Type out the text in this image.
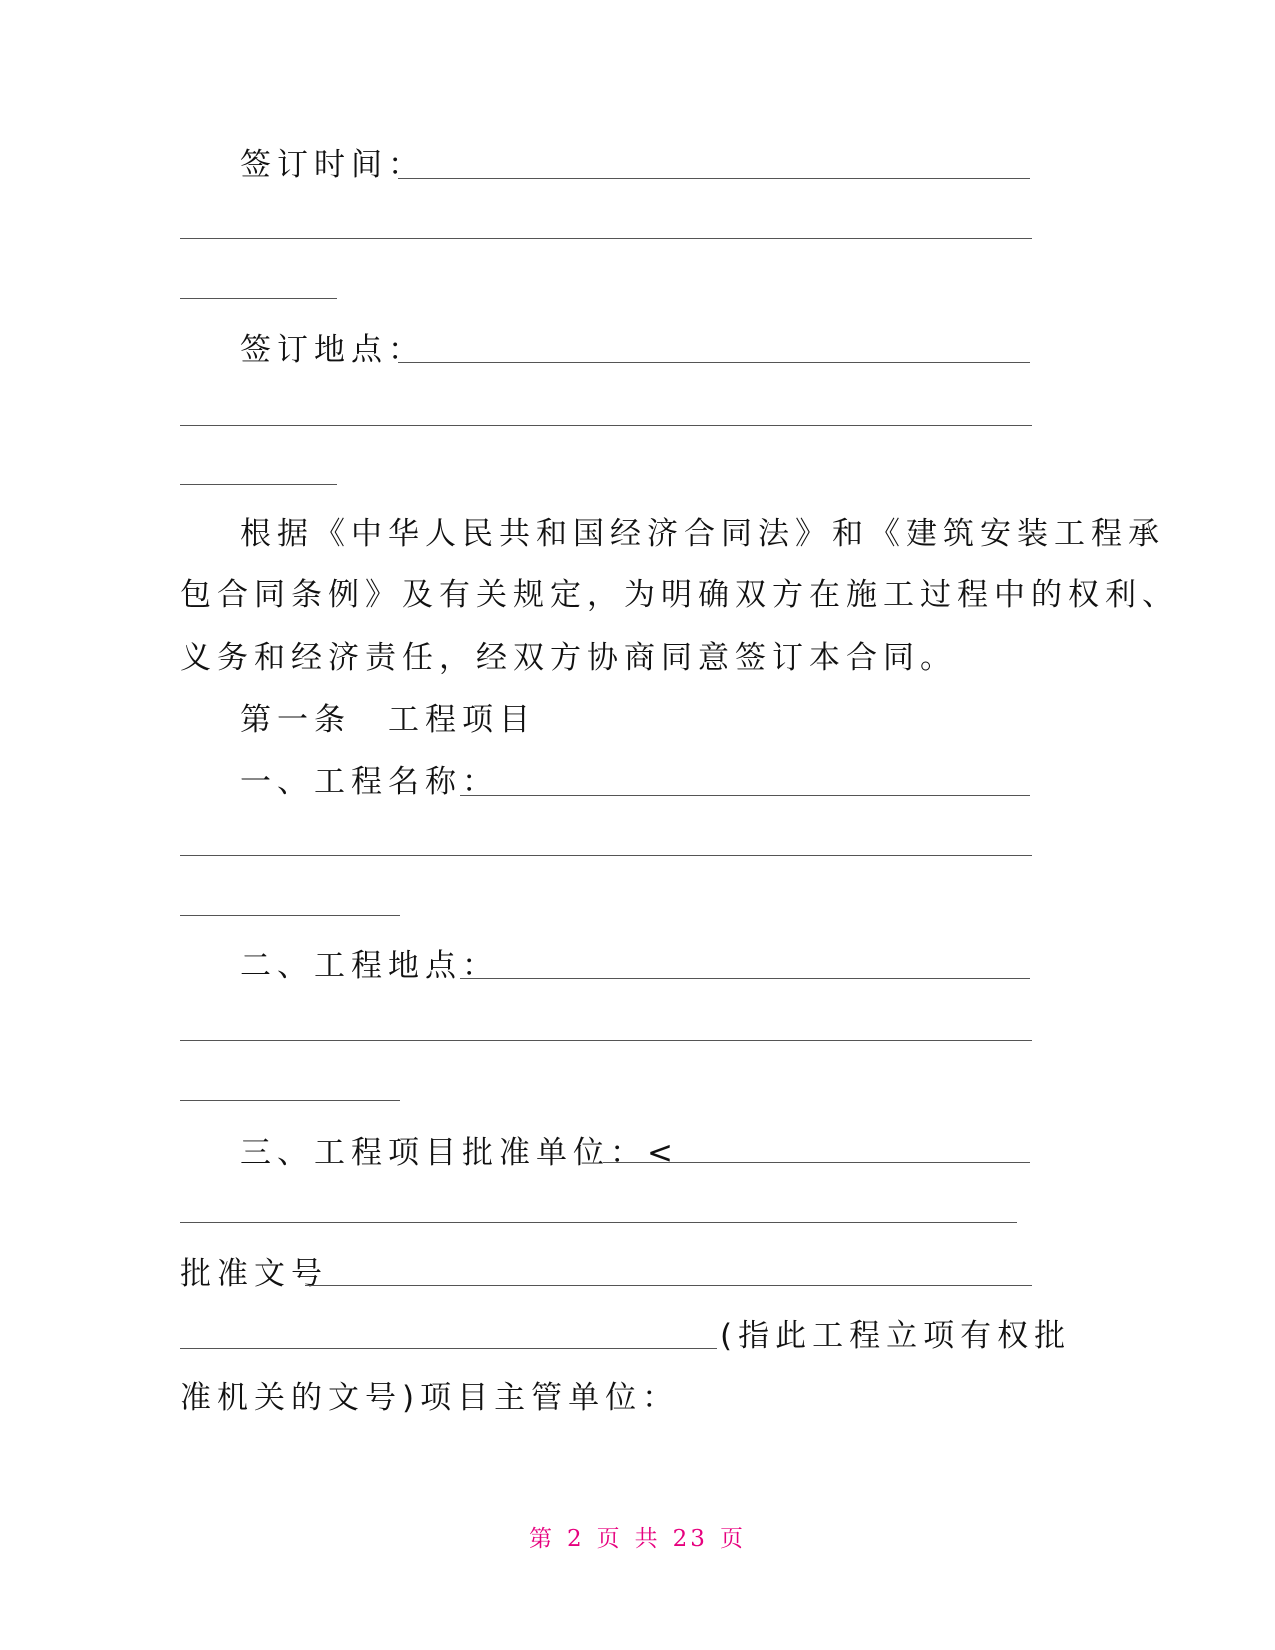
签订时间：
签订地点：
根据《中华人民共和国经济合同法》和《建筑安装工程承
包合同条例》及有关规定，为明确双方在施工过程中的权利、
义务和经济责任，经双方协商同意签订本合同。
第一条　工程项目
一、工程名称：
二、工程地点：
三、工程项目批准单位：<
批准文号
(指此工程立项有权批
准机关的文号)项目主管单位：
第 2 页 共 23 页
